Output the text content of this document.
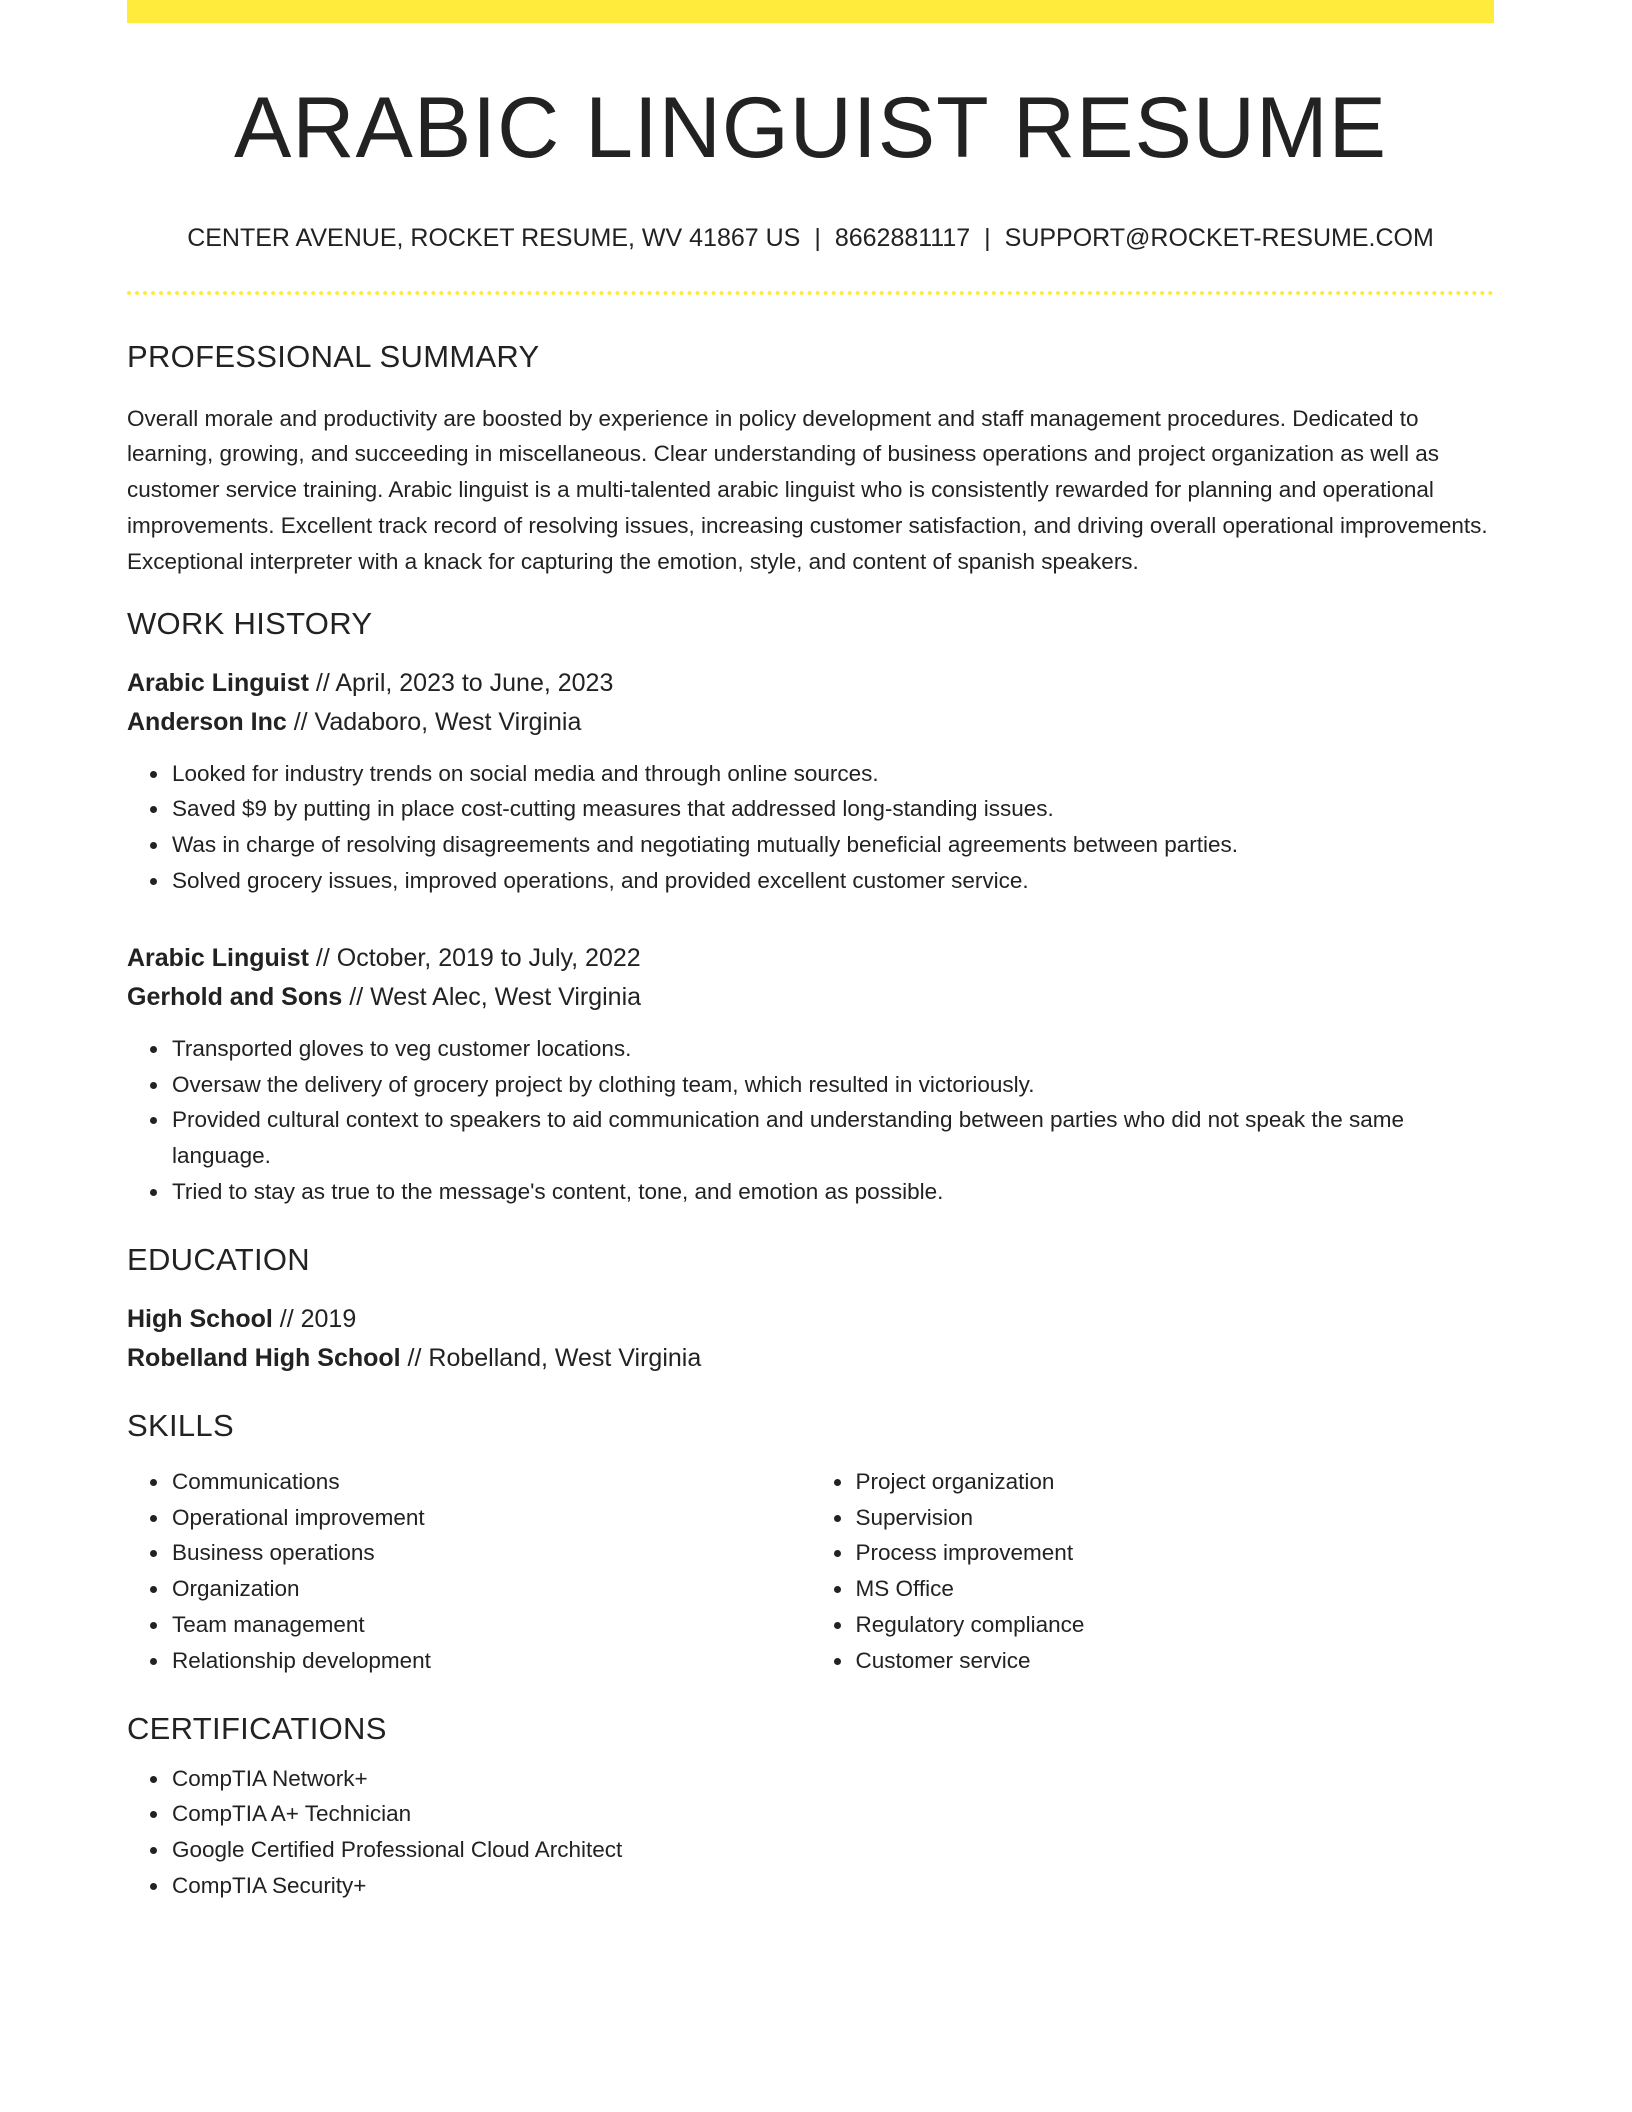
ARABIC LINGUIST RESUME
CENTER AVENUE, ROCKET RESUME, WV 41867 US | 8662881117 | SUPPORT@ROCKET-RESUME.COM
PROFESSIONAL SUMMARY
Overall morale and productivity are boosted by experience in policy development and staff management procedures. Dedicated to learning, growing, and succeeding in miscellaneous. Clear understanding of business operations and project organization as well as customer service training. Arabic linguist is a multi-talented arabic linguist who is consistently rewarded for planning and operational improvements. Excellent track record of resolving issues, increasing customer satisfaction, and driving overall operational improvements. Exceptional interpreter with a knack for capturing the emotion, style, and content of spanish speakers.
WORK HISTORY
Arabic Linguist // April, 2023 to June, 2023
Anderson Inc // Vadaboro, West Virginia
• Looked for industry trends on social media and through online sources.
• Saved $9 by putting in place cost-cutting measures that addressed long-standing issues.
• Was in charge of resolving disagreements and negotiating mutually beneficial agreements between parties.
• Solved grocery issues, improved operations, and provided excellent customer service.
Arabic Linguist // October, 2019 to July, 2022
Gerhold and Sons // West Alec, West Virginia
• Transported gloves to veg customer locations.
• Oversaw the delivery of grocery project by clothing team, which resulted in victoriously.
• Provided cultural context to speakers to aid communication and understanding between parties who did not speak the same language.
• Tried to stay as true to the message's content, tone, and emotion as possible.
EDUCATION
High School // 2019
Robelland High School // Robelland, West Virginia
SKILLS
• Communications
• Operational improvement
• Business operations
• Organization
• Team management
• Relationship development
• Project organization
• Supervision
• Process improvement
• MS Office
• Regulatory compliance
• Customer service
CERTIFICATIONS
• CompTIA Network+
• CompTIA A+ Technician
• Google Certified Professional Cloud Architect
• CompTIA Security+
